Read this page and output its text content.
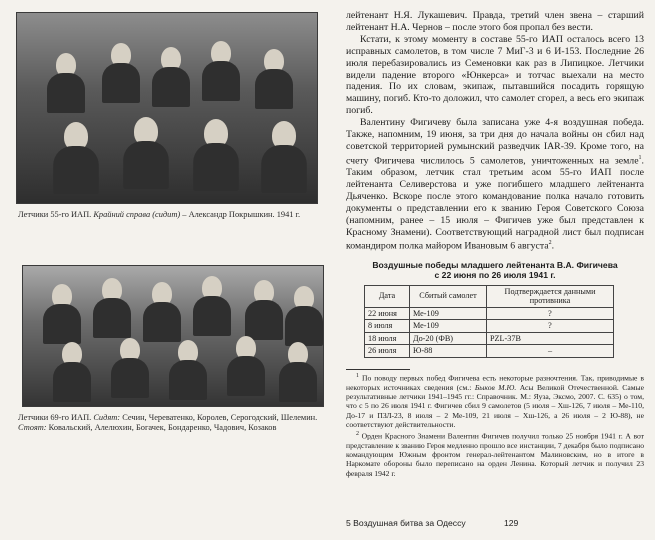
Летчики 55-го ИАП. Крайний справа (сидит) – Александр Покрышкин. 1941 г.
Летчики 69-го ИАП. Сидят: Сечин, Череватенко, Королев, Серогодский, Шелемин. Стоят: Ковальский, Алелюхин, Богачек, Бондаренко, Чадович, Козаков

лейтенант Н.Я. Лукашевич. Правда, третий член звена – старший лейтенант Н.А. Чернов – после этого боя пропал без вести.

Кстати, к этому моменту в составе 55-го ИАП осталось всего 13 исправных самолетов, в том числе 7 МиГ-3 и 6 И-153. Последние 26 июля перебазировались из Семеновки как раз в Липицкое. Летчики видели падение второго «Юнкерса» и тотчас выехали на место падения. По их словам, экипаж, пытавшийся посадить горящую машину, погиб. Кто-то доложил, что самолет сгорел, а весь его экипаж погиб.

Валентину Фигичеву была записана уже 4-я воздушная победа. Также, напомним, 19 июня, за три дня до начала войны он сбил над советской территорией румынский разведчик IAR-39. Кроме того, на счету Фигичева числилось 5 самолетов, уничтоженных на земле$^1$. Таким образом, летчик стал третьим асом 55-го ИАП после лейтенанта Селиверстова и уже погибшего младшего лейтенанта Дьяченко. Вскоре после этого командование полка начало готовить документы о представлении его к званию Героя Советского Союза (напомним, ранее – 15 июля – Фигичев уже был представлен к Красному Знамени). Соответствующий наградной лист был подписан командиром полка майором Ивановым 6 августа$^2$.

Воздушные победы младшего лейтенанта В.А. Фигичева
с 22 июня по 26 июля 1941 г.
Дата	Сбитый самолет	Подтверждается данными противника
22 июня	Ме-109	?
8 июля	Ме-109	?
18 июля	До-20 (ФВ)	PZL-37B
26 июля	Ю-88	–

$^1$ По поводу первых побед Фигичева есть некоторые разночтения. Так, приводимые в некоторых источниках сведения (см.: Быков М.Ю. Асы Великой Отечественной. Самые результативные летчики 1941–1945 гг.: Справочник. М.: Яуза, Эксмо, 2007. С. 635) о том, что с 5 по 26 июля 1941 г. Фигичев сбил 9 самолетов (5 июля – Хш-126, 7 июля – Ме-110, До-17 и ПЗЛ-23, 8 июля – 2 Ме-109, 21 июля – Хш-126, а 26 июля – 2 Ю-88), не соответствуют действительности.

$^2$ Орден Красного Знамени Валентин Фигичев получил только 25 ноября 1941 г. А вот представление к званию Героя медленно прошло все инстанции, 7 декабря было подписано командующим Южным фронтом генерал-лейтенантом Малиновским, но в итоге в Наркомате обороны было переписано на орден Ленина. Который летчик и получил 23 февраля 1942 г.

5 Воздушная битва за Одессу	129
